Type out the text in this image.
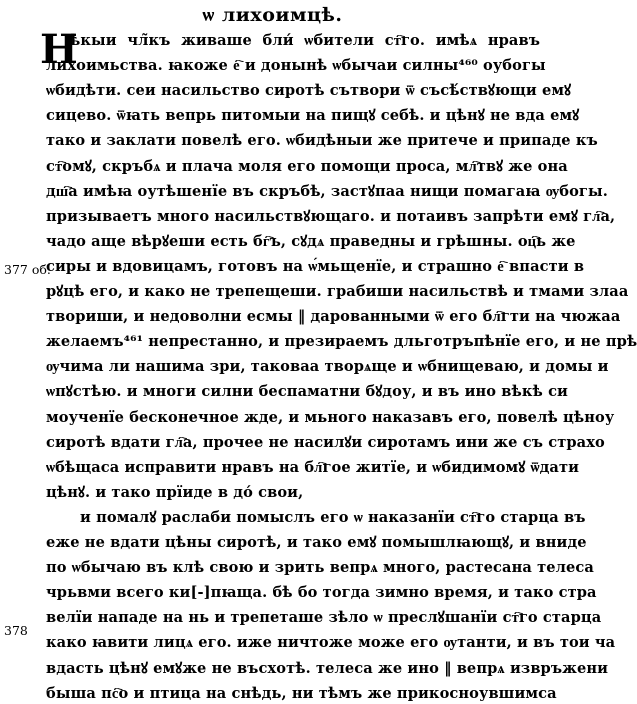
ѡ лихоимцѣ.
Н
377 об.
378
ѣкыи чл̃къ живаше бли́ ѡбители ст҇го. имѣѧ нравъ
лихоимьства. ꙗкоже е҇ и донынѣ ѡбычаи силны⁴⁶⁰ оубогы
ѡбидѣти. сеи насильство сиротѣ сътвори ѿ съсѣ́ствꙋющи емꙋ
сицево. ѿꙗть вепрь питомыи на пищꙋ себѣ. и цѣнꙋ не вда емꙋ
тако и заклати повелѣ его. ѡбидѣныи же притече и припаде къ
ст҇омꙋ, скръбѧ и плача моля его помощи проса, мл҇твꙋ же она
дш҇а имѣꙗ оутѣшенїе въ скръбѣ, застꙋпаа нищи помагаꙗ ѹбогы.
призываетъ много насильствꙋющаго. и потаивъ запрѣти емꙋ гл҇а,
чадо аще вѣрꙋеши есть бг҇ъ, сꙋдѧ праведны и грѣшны. оц҇ь же
сиры и вдовицамъ, готовъ на ѡ́мьщенїе, и страшно е҇ впасти в
рꙋцѣ его, и како не трепещеши. грабиши насильствѣ и тмами злаа
твориши, и недоволни есмы ‖ дарованными ѿ его бл҇гти на чюжаа
желаемъ⁴⁶¹ непрестанно, и презираемъ дльготръпѣнїе его, и не прѣ
ѹчима ли нашима зри, таковаа творѧще и ѡбнищеваю, и домы и
ѡпꙋстѣю. и многи силни беспаматни бꙋдоу, и въ ино вѣкѣ си
моученїе бесконечное жде, и мьного наказавъ его, повелѣ цѣноу
сиротѣ вдати гл҇а, прочее не насилꙋи сиротамъ ини же съ страхо
ѡбѣщаса исправити нравъ на бл҇гое житїе, и ѡбидимомꙋ ѿдати
цѣнꙋ. и тако прїиде в до́ свои,
и помалꙋ раслаби помыслъ его ѡ наказанїи ст҇го старца въ
еже не вдати цѣны сиротѣ, и тако емꙋ помышлꙗющꙋ, и вниде
по ѡбычаю въ клѣ свою и зрить вепрѧ много, растесана телеса
чрьвми всего ки[-]пꙗща. бѣ бо тогда зимно время, и тако стра
велїи нападе на нь и трепеташе зѣло ѡ преслꙋшанїи ст҇го старца
како ꙗвити лицѧ его. иже ничтоже може его ѹтанти, и въ тои ча
вдасть цѣнꙋ емꙋже не въсхотѣ. телеса же ино ‖ вепрѧ извръжени
быша пс҇о и птица на снѣдь, ни тѣмъ же прикосноувшимса
